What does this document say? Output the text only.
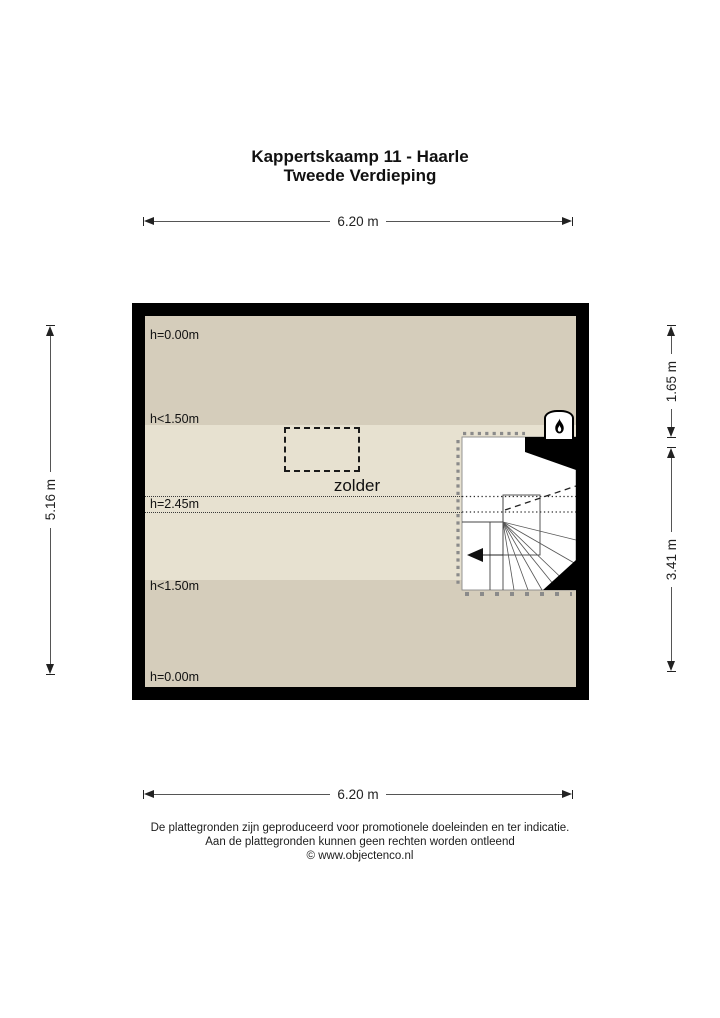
Kappertskaamp 11 - Haarle
Tweede Verdieping
6.20 m
6.20 m
5.16 m
1.65 m
3.41 m
h=0.00m
h<1.50m
h=2.45m
h<1.50m
h=0.00m
zolder
De plattegronden zijn geproduceerd voor promotionele doeleinden en ter indicatie.
Aan de plattegronden kunnen geen rechten worden ontleend
© www.objectenco.nl
